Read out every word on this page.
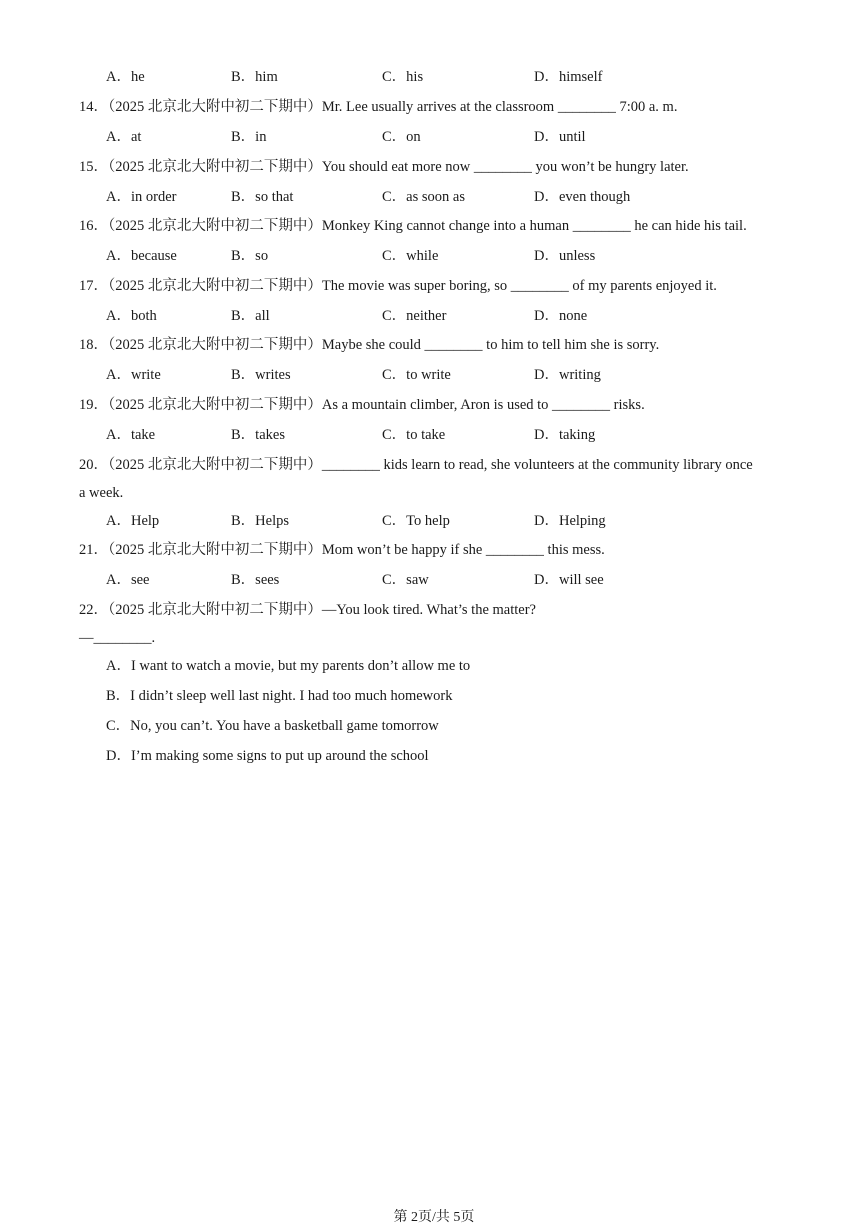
A．he	B．him	C．his	D．himself
14．（2025 北京北大附中初二下期中）Mr. Lee usually arrives at the classroom ________ 7:00 a. m.
A．at	B．in	C．on	D．until
15．（2025 北京北大附中初二下期中）You should eat more now ________ you won’t be hungry later.
A．in order	B．so that	C．as soon as	D．even though
16．（2025 北京北大附中初二下期中）Monkey King cannot change into a human ________ he can hide his tail.
A．because	B．so	C．while	D．unless
17．（2025 北京北大附中初二下期中）The movie was super boring, so ________ of my parents enjoyed it.
A．both	B．all	C．neither	D．none
18．（2025 北京北大附中初二下期中）Maybe she could ________ to him to tell him she is sorry.
A．write	B．writes	C．to write	D．writing
19．（2025 北京北大附中初二下期中）As a mountain climber, Aron is used to ________ risks.
A．take	B．takes	C．to take	D．taking
20．（2025 北京北大附中初二下期中）________ kids learn to read, she volunteers at the community library once
a week.
A．Help	B．Helps	C．To help	D．Helping
21．（2025 北京北大附中初二下期中）Mom won’t be happy if she ________ this mess.
A．see	B．sees	C．saw	D．will see
22．（2025 北京北大附中初二下期中）—You look tired. What’s the matter?
—________.
A．I want to watch a movie, but my parents don’t allow me to
B．I didn’t sleep well last night. I had too much homework
C．No, you can’t. You have a basketball game tomorrow
D．I’m making some signs to put up around the school
第 2页/共 5页
